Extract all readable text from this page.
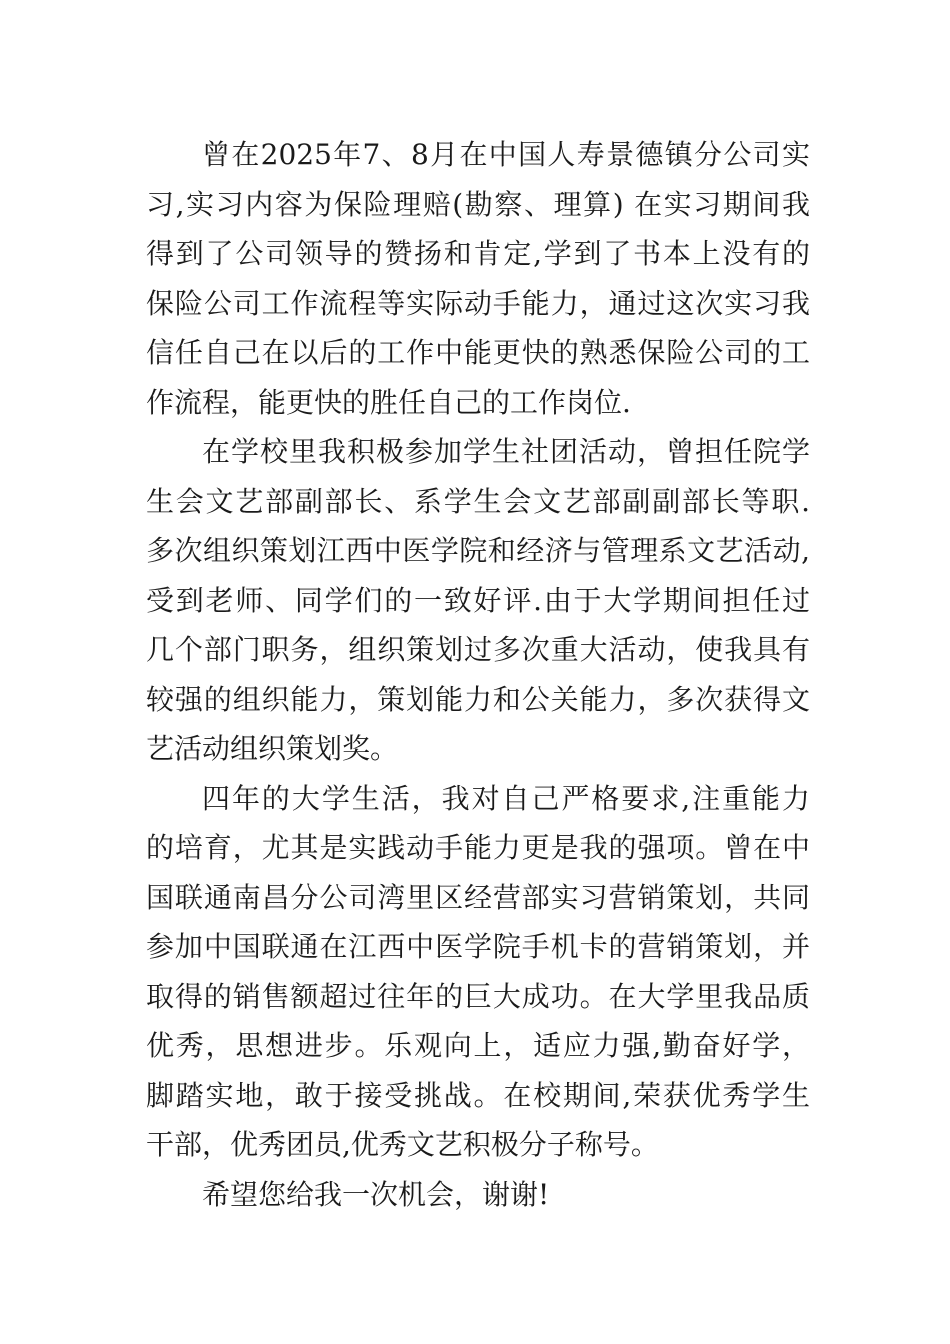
曾在2025年7、8月在中国人寿景德镇分公司实
习,实习内容为保险理赔(勘察、理算) 在实习期间我
得到了公司领导的赞扬和肯定,学到了书本上没有的
保险公司工作流程等实际动手能力，通过这次实习我
信任自己在以后的工作中能更快的熟悉保险公司的工
作流程，能更快的胜任自己的工作岗位.
在学校里我积极参加学生社团活动，曾担任院学
生会文艺部副部长、系学生会文艺部副副部长等职.
多次组织策划江西中医学院和经济与管理系文艺活动,
受到老师、同学们的一致好评.由于大学期间担任过
几个部门职务，组织策划过多次重大活动，使我具有
较强的组织能力，策划能力和公关能力，多次获得文
艺活动组织策划奖。
四年的大学生活，我对自己严格要求,注重能力
的培育，尤其是实践动手能力更是我的强项。曾在中
国联通南昌分公司湾里区经营部实习营销策划，共同
参加中国联通在江西中医学院手机卡的营销策划，并
取得的销售额超过往年的巨大成功。在大学里我品质
优秀，思想进步。乐观向上，适应力强,勤奋好学，
脚踏实地，敢于接受挑战。在校期间,荣获优秀学生
干部，优秀团员,优秀文艺积极分子称号。
希望您给我一次机会，谢谢!
